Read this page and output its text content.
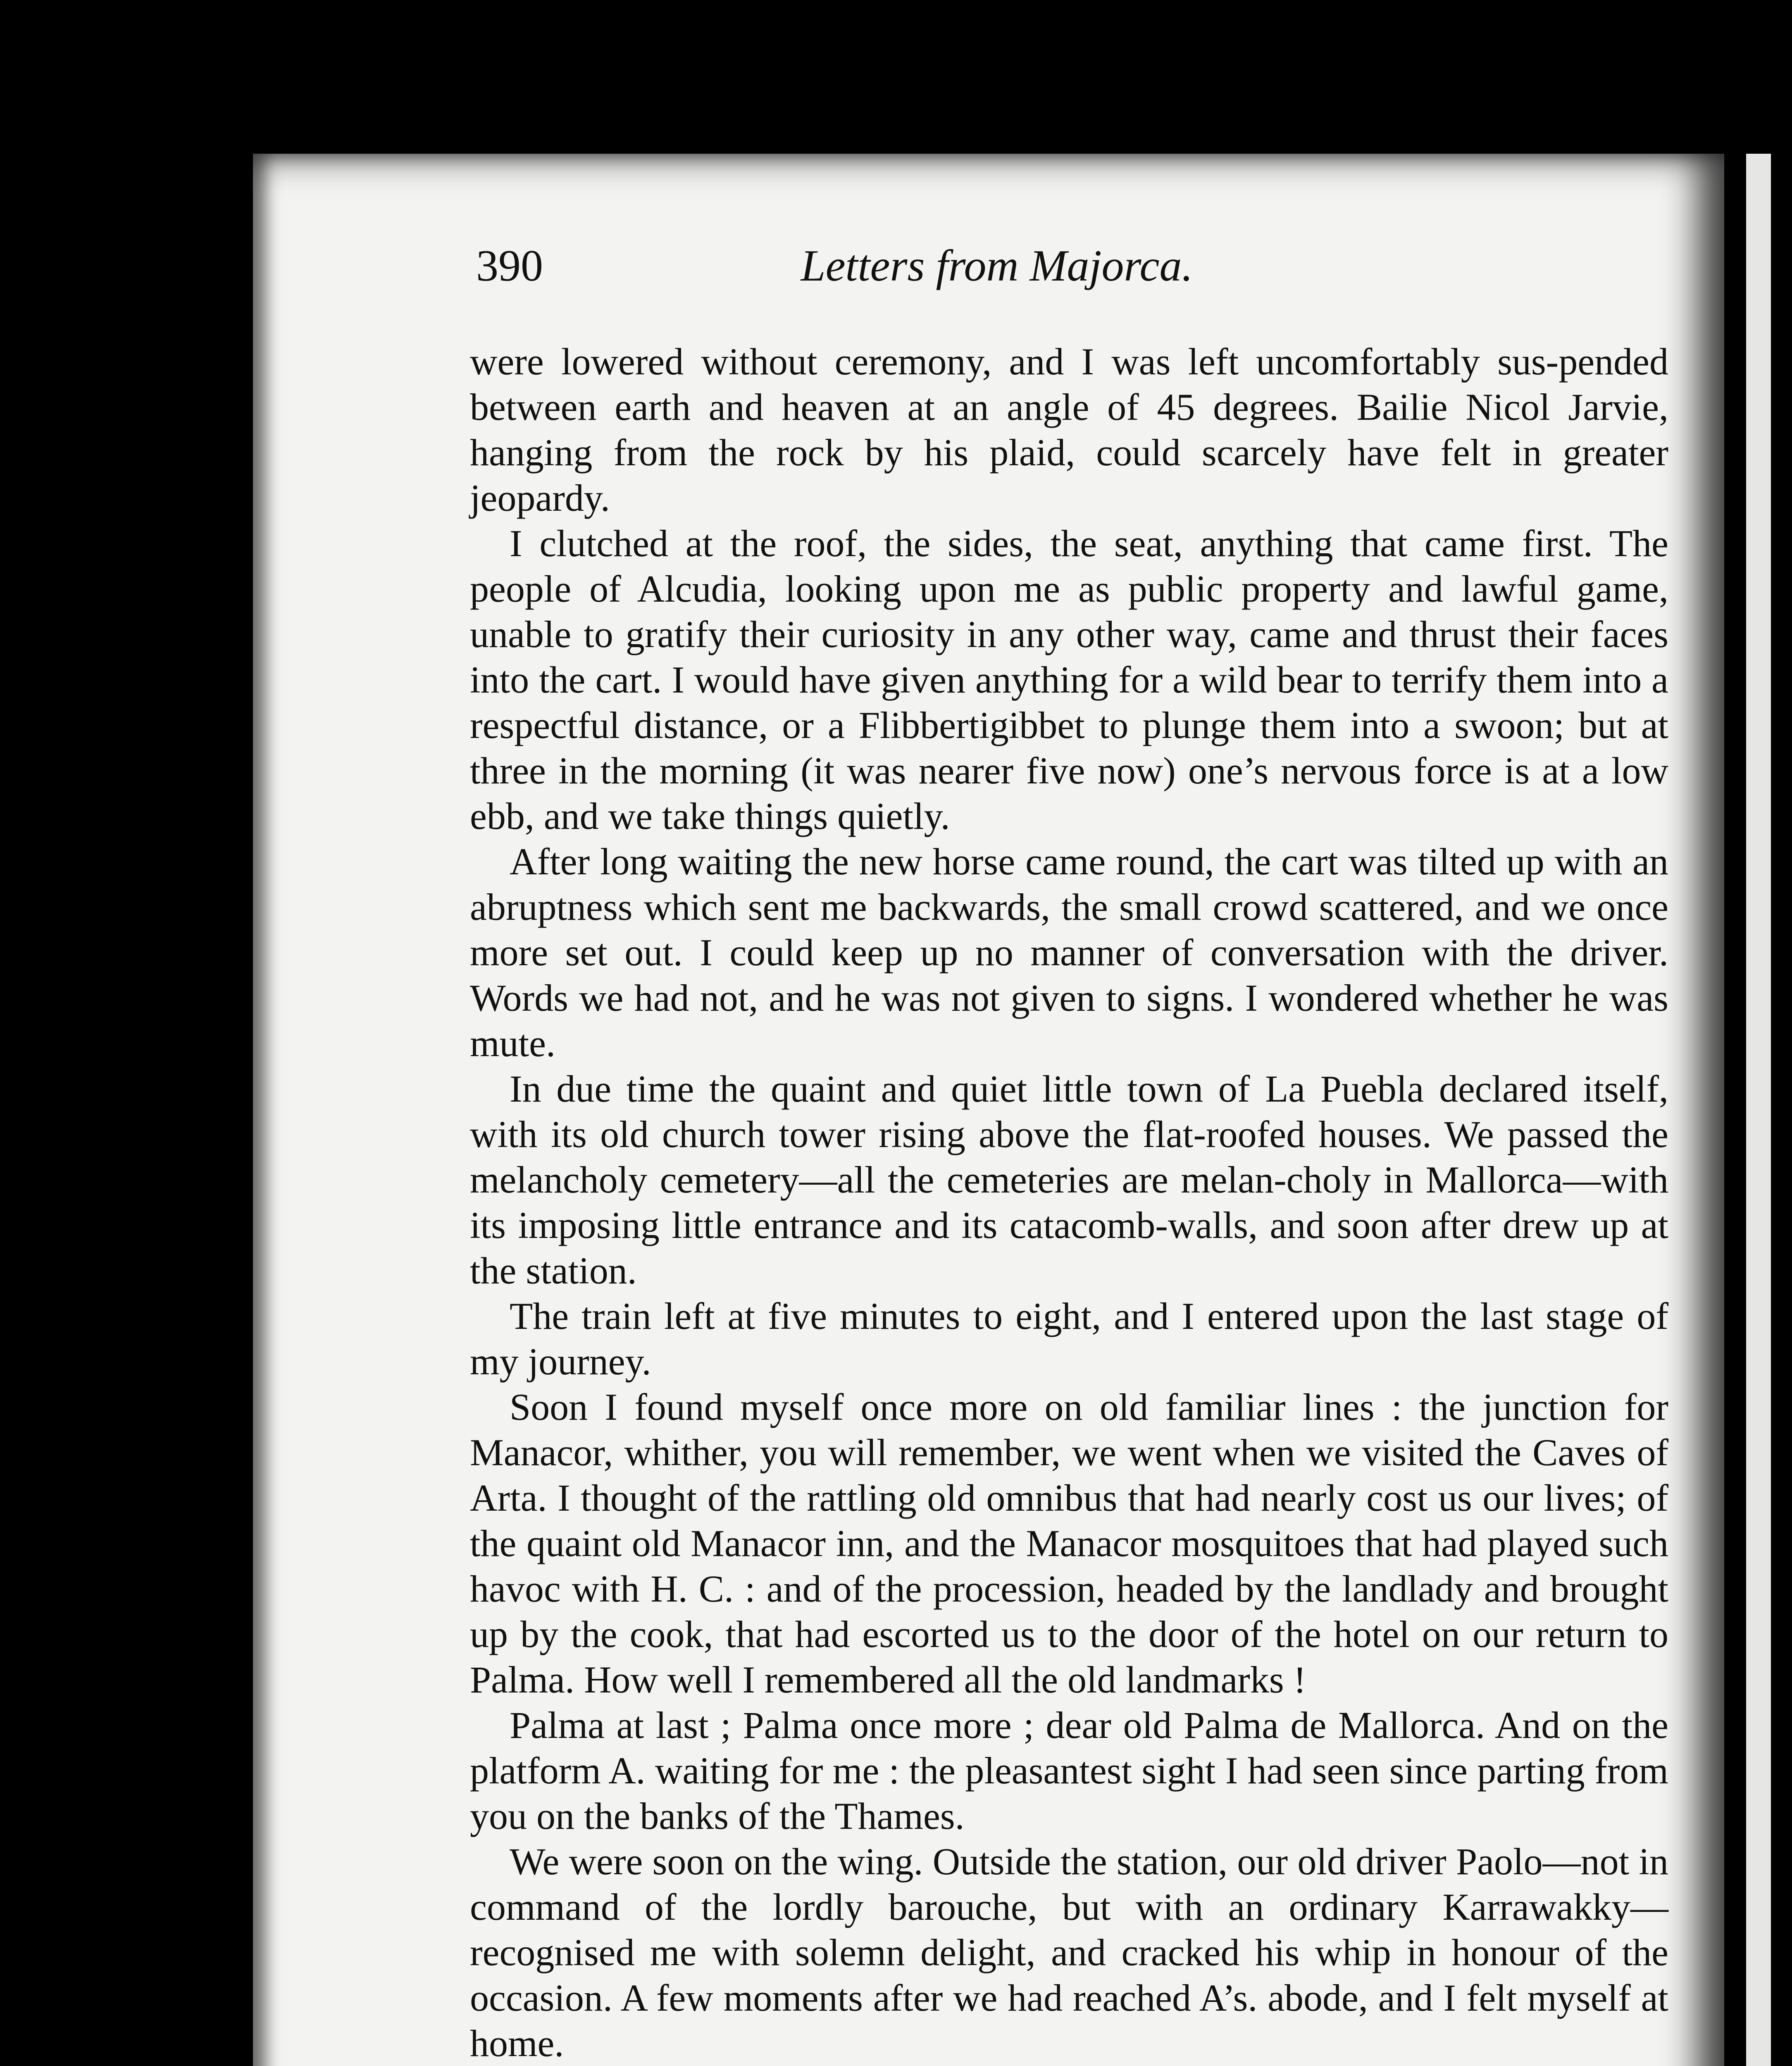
390	Letters from Majorca.

were lowered without ceremony, and I was left uncomfortably sus-pended between earth and heaven at an angle of 45 degrees. Bailie Nicol Jarvie, hanging from the rock by his plaid, could scarcely have felt in greater jeopardy.

I clutched at the roof, the sides, the seat, anything that came first. The people of Alcudia, looking upon me as public property and lawful game, unable to gratify their curiosity in any other way, came and thrust their faces into the cart. I would have given anything for a wild bear to terrify them into a respectful distance, or a Flibbertigibbet to plunge them into a swoon; but at three in the morning (it was nearer five now) one’s nervous force is at a low ebb, and we take things quietly.

After long waiting the new horse came round, the cart was tilted up with an abruptness which sent me backwards, the small crowd scattered, and we once more set out. I could keep up no manner of conversation with the driver. Words we had not, and he was not given to signs. I wondered whether he was mute.

In due time the quaint and quiet little town of La Puebla declared itself, with its old church tower rising above the flat-roofed houses. We passed the melancholy cemetery—all the cemeteries are melan-choly in Mallorca—with its imposing little entrance and its catacomb-walls, and soon after drew up at the station.

The train left at five minutes to eight, and I entered upon the last stage of my journey.

Soon I found myself once more on old familiar lines : the junction for Manacor, whither, you will remember, we went when we visited the Caves of Arta. I thought of the rattling old omnibus that had nearly cost us our lives; of the quaint old Manacor inn, and the Manacor mosquitoes that had played such havoc with H. C. : and of the procession, headed by the landlady and brought up by the cook, that had escorted us to the door of the hotel on our return to Palma. How well I remembered all the old landmarks !

Palma at last ; Palma once more ; dear old Palma de Mallorca. And on the platform A. waiting for me : the pleasantest sight I had seen since parting from you on the banks of the Thames.

We were soon on the wing. Outside the station, our old driver Paolo—not in command of the lordly barouche, but with an ordinary Karrawakky—recognised me with solemn delight, and cracked his whip in honour of the occasion. A few moments after we had reached A’s. abode, and I felt myself at home.
